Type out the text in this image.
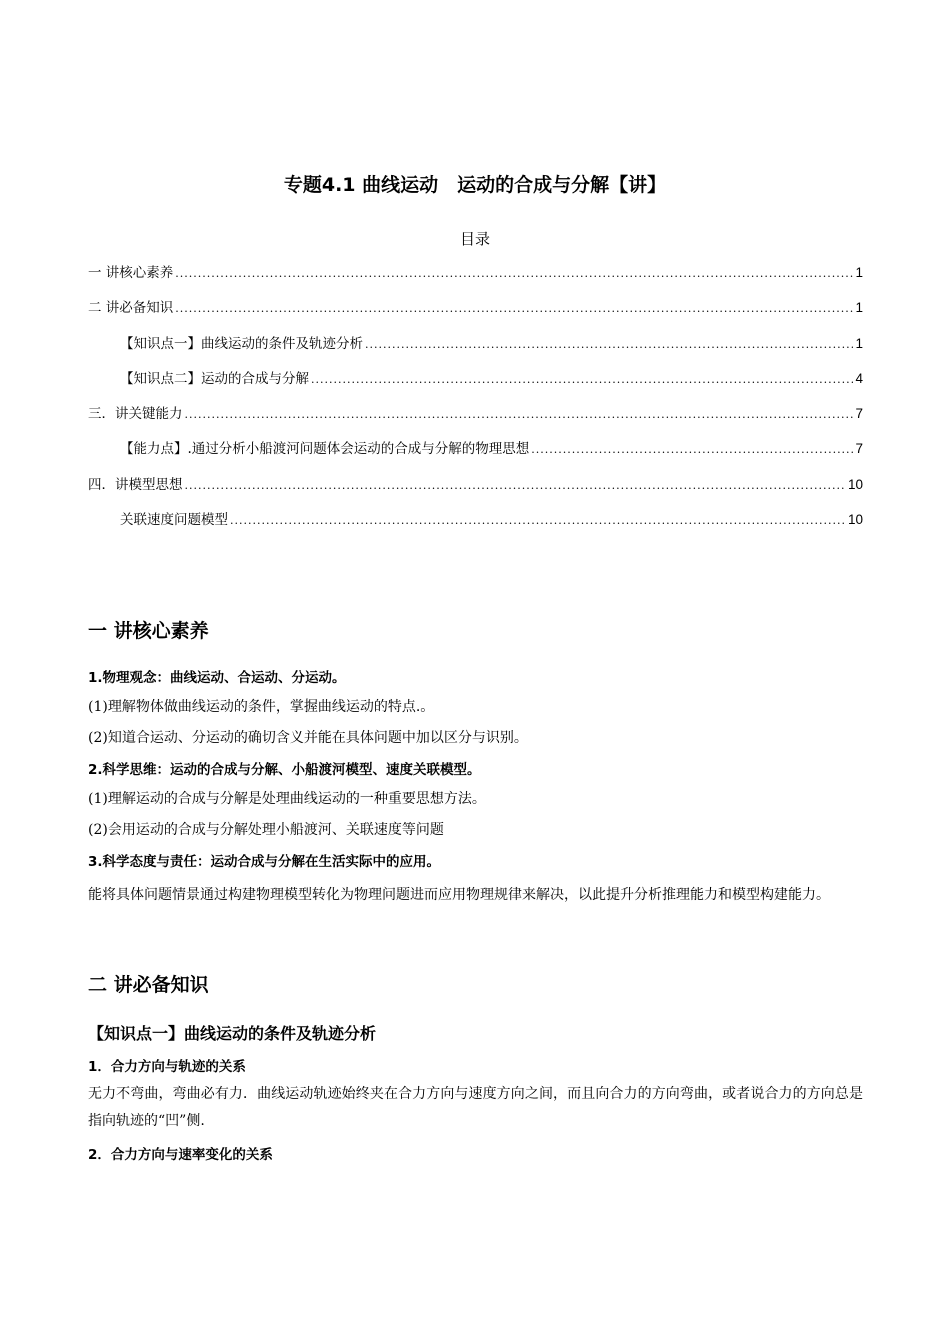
专题4.1 曲线运动　运动的合成与分解【讲】
目录
一 讲核心素养 .....	1
二 讲必备知识 .....	1
【知识点一】曲线运动的条件及轨迹分析 .....	1
【知识点二】运动的合成与分解 .....	4
三．讲关键能力 .....	7
【能力点】.通过分析小船渡河问题体会运动的合成与分解的物理思想 .....	7
四．讲模型思想 .....	10
关联速度问题模型 .....	10
一 讲核心素养
1.物理观念：曲线运动、合运动、分运动。
(1)理解物体做曲线运动的条件，掌握曲线运动的特点.。
(2)知道合运动、分运动的确切含义并能在具体问题中加以区分与识别。
2.科学思维：运动的合成与分解、小船渡河模型、速度关联模型。
(1)理解运动的合成与分解是处理曲线运动的一种重要思想方法。
(2)会用运动的合成与分解处理小船渡河、关联速度等问题
3.科学态度与责任：运动合成与分解在生活实际中的应用。
能将具体问题情景通过构建物理模型转化为物理问题进而应用物理规律来解决，以此提升分析推理能力和模型构建能力。
二 讲必备知识
【知识点一】曲线运动的条件及轨迹分析
1．合力方向与轨迹的关系
无力不弯曲，弯曲必有力．曲线运动轨迹始终夹在合力方向与速度方向之间，而且向合力的方向弯曲，或者说合力的方向总是指向轨迹的“凹”侧.
2．合力方向与速率变化的关系
